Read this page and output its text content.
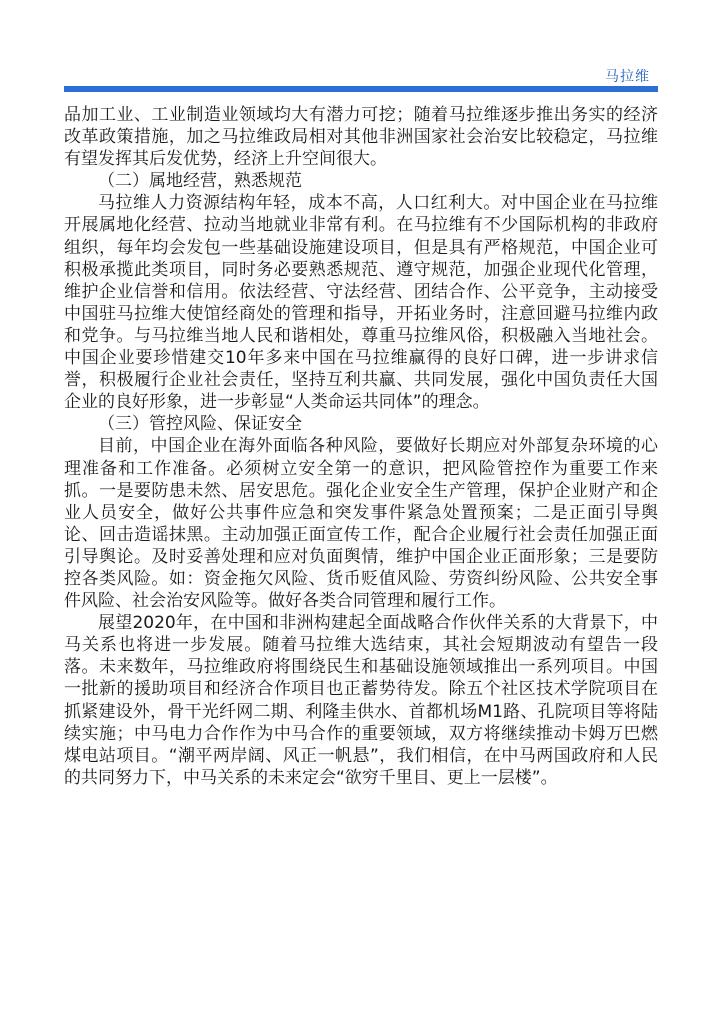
马拉维

品加工业、工业制造业领域均大有潜力可挖；随着马拉维逐步推出务实的经济改革政策措施，加之马拉维政局相对其他非洲国家社会治安比较稳定，马拉维有望发挥其后发优势，经济上升空间很大。

（二）属地经营，熟悉规范

马拉维人力资源结构年轻，成本不高，人口红利大。对中国企业在马拉维开展属地化经营、拉动当地就业非常有利。在马拉维有不少国际机构的非政府组织，每年均会发包一些基础设施建设项目，但是具有严格规范，中国企业可积极承揽此类项目，同时务必要熟悉规范、遵守规范，加强企业现代化管理，维护企业信誉和信用。依法经营、守法经营、团结合作、公平竞争，主动接受中国驻马拉维大使馆经商处的管理和指导，开拓业务时，注意回避马拉维内政和党争。与马拉维当地人民和谐相处，尊重马拉维风俗，积极融入当地社会。中国企业要珍惜建交10年多来中国在马拉维赢得的良好口碑，进一步讲求信誉，积极履行企业社会责任，坚持互利共赢、共同发展，强化中国负责任大国企业的良好形象，进一步彰显“人类命运共同体”的理念。

（三）管控风险、保证安全

目前，中国企业在海外面临各种风险，要做好长期应对外部复杂环境的心理准备和工作准备。必须树立安全第一的意识，把风险管控作为重要工作来抓。一是要防患未然、居安思危。强化企业安全生产管理，保护企业财产和企业人员安全，做好公共事件应急和突发事件紧急处置预案；二是正面引导舆论、回击造谣抹黑。主动加强正面宣传工作，配合企业履行社会责任加强正面引导舆论。及时妥善处理和应对负面舆情，维护中国企业正面形象；三是要防控各类风险。如：资金拖欠风险、货币贬值风险、劳资纠纷风险、公共安全事件风险、社会治安风险等。做好各类合同管理和履行工作。

展望2020年，在中国和非洲构建起全面战略合作伙伴关系的大背景下，中马关系也将进一步发展。随着马拉维大选结束，其社会短期波动有望告一段落。未来数年，马拉维政府将围绕民生和基础设施领域推出一系列项目。中国一批新的援助项目和经济合作项目也正蓄势待发。除五个社区技术学院项目在抓紧建设外，骨干光纤网二期、利隆圭供水、首都机场M1路、孔院项目等将陆续实施；中马电力合作作为中马合作的重要领域，双方将继续推动卡姆万巴燃煤电站项目。“潮平两岸阔、风正一帆悬”，我们相信，在中马两国政府和人民的共同努力下，中马关系的未来定会“欲穷千里目、更上一层楼”。
